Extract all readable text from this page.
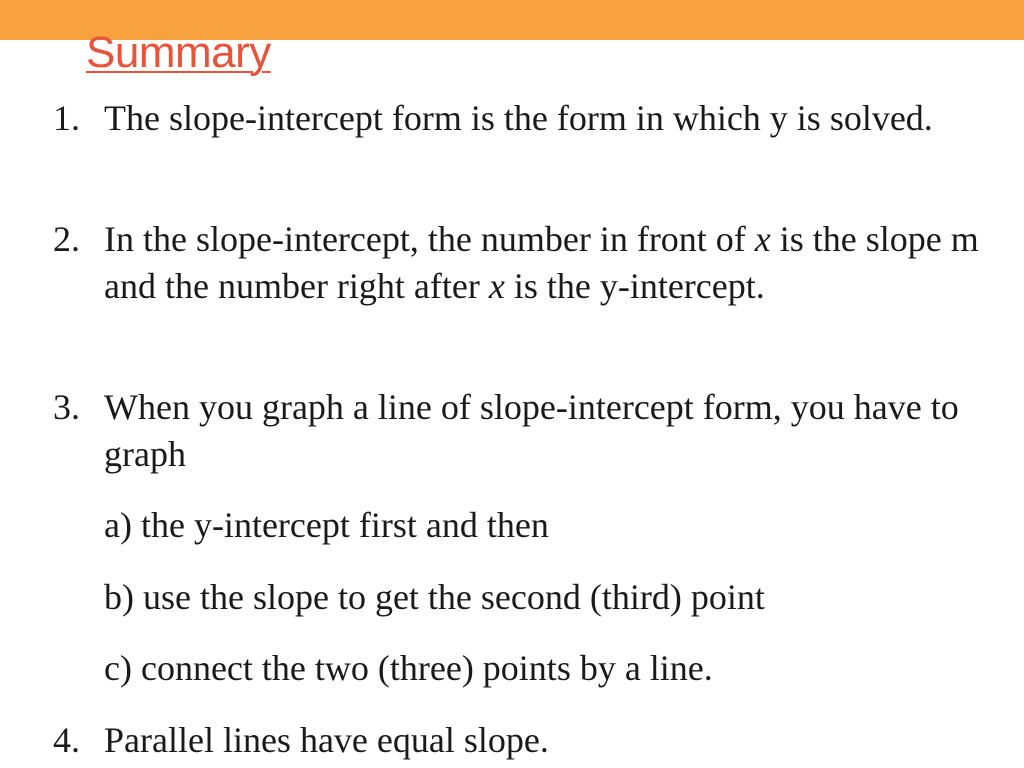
Summary
1. The slope-intercept form is the form in which y is solved.
2. In the slope-intercept, the number in front of x is the slope m and the number right after x is the y-intercept.
3. When you graph a line of slope-intercept form, you have to graph
a) the y-intercept first and then
b) use the slope to get the second (third) point
c) connect the two (three) points by a line.
4. Parallel lines have equal slope.
